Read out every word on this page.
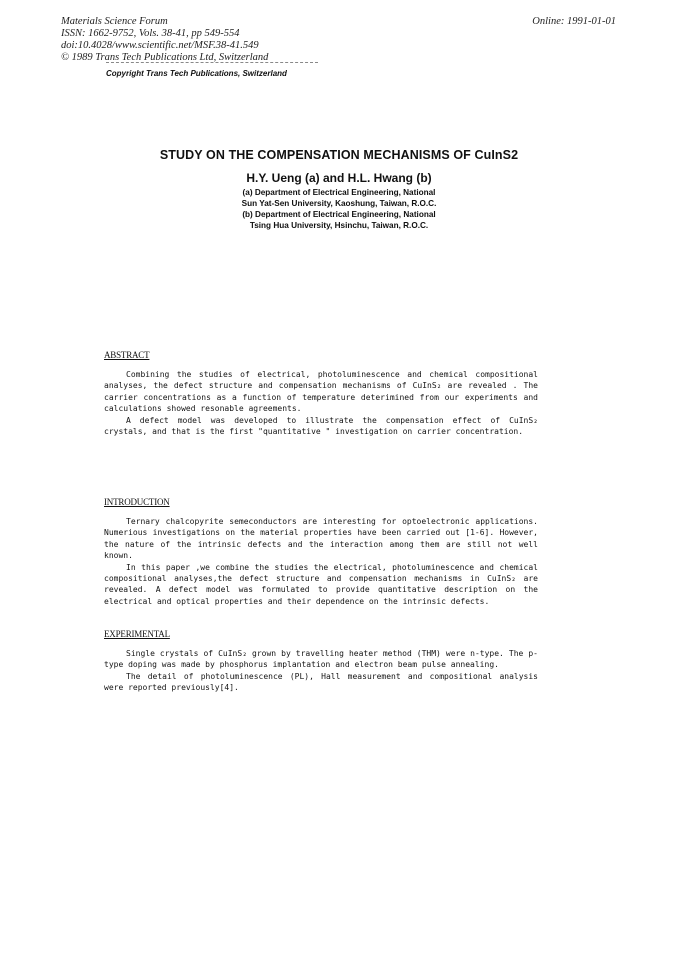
Materials Science Forum
ISSN: 1662-9752, Vols. 38-41, pp 549-554
doi:10.4028/www.scientific.net/MSF.38-41.549
© 1989 Trans Tech Publications Ltd, Switzerland
Online: 1991-01-01
Copyright Trans Tech Publications, Switzerland
STUDY ON THE COMPENSATION MECHANISMS OF CuInS2
H.Y. Ueng (a) and H.L. Hwang (b)
(a) Department of Electrical Engineering, National
Sun Yat-Sen University, Kaoshung, Taiwan, R.O.C.
(b) Department of Electrical Engineering, National
Tsing Hua University, Hsinchu, Taiwan, R.O.C.
ABSTRACT

Combining the studies of electrical, photoluminescence and chemical compositional analyses, the defect structure and compensation mechanisms of CuInS₂ are revealed . The carrier concentrations as a function of temperature deterimined from our experiments and calculations showed resonable agreements.

A defect model was developed to illustrate the compensation effect of CuInS₂ crystals, and that is the first "quantitative " investigation on carrier concentration.

INTRODUCTION

Ternary chalcopyrite semeconductors are interesting for optoelectronic applications. Numerious investigations on the material properties have been carried out [1-6]. However, the nature of the intrinsic defects and the interaction among them are still not well known.

In this paper ,we combine the studies the electrical, photoluminescence and chemical compositional analyses,the defect structure and compensation mechanisms in CuInS₂ are revealed. A defect model was formulated to provide quantitative description on the electrical and optical properties and their dependence on the intrinsic defects.

EXPERIMENTAL

Single crystals of CuInS₂ grown by travelling heater method (THM) were n-type. The p-type doping was made by phosphorus implantation and electron beam pulse annealing.

The detail of photoluminescence (PL), Hall measurement and compositional analysis were reported previously[4].
